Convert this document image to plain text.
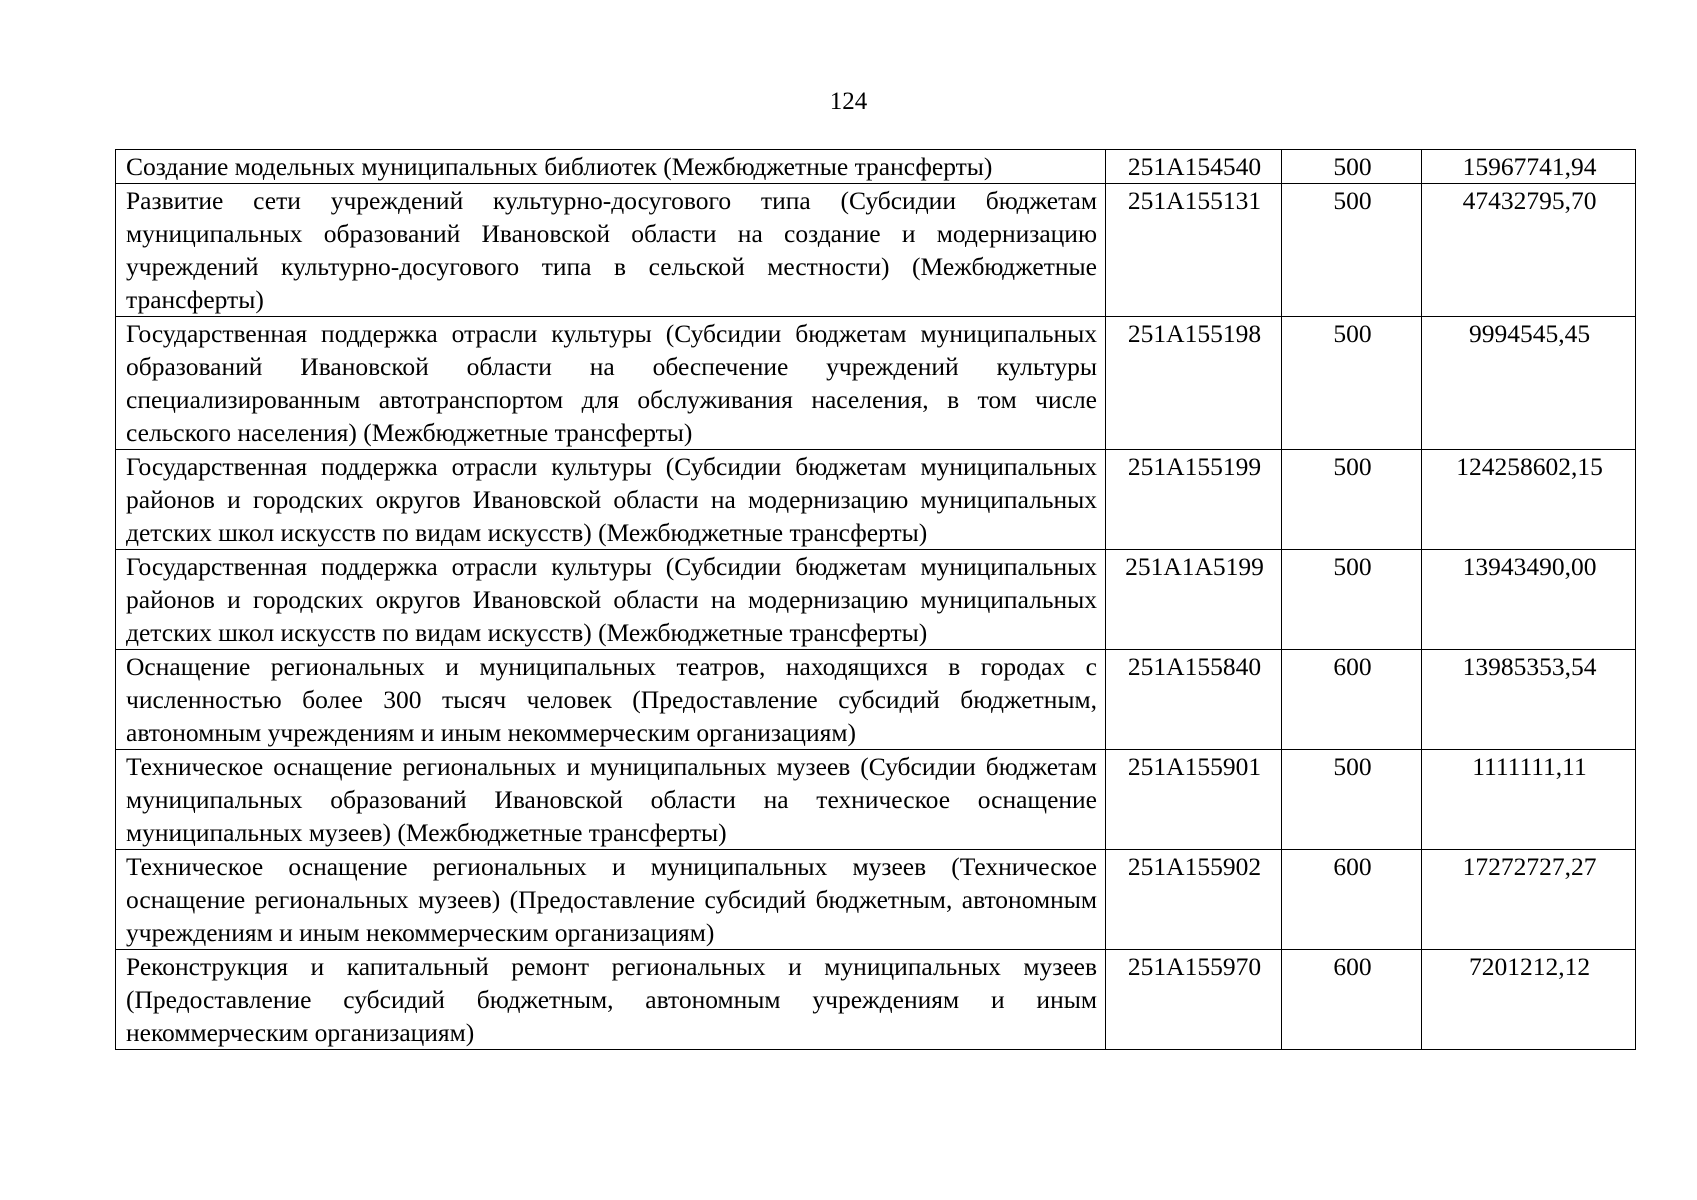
124
Создание модельных муниципальных библиотек (Межбюджетные трансферты)	251А154540	500	15967741,94
Развитие сети учреждений культурно-досугового типа (Субсидии бюджетам муниципальных образований Ивановской области на создание и модернизацию учреждений культурно-досугового типа в сельской местности) (Межбюджетные трансферты)	251А155131	500	47432795,70
Государственная поддержка отрасли культуры (Субсидии бюджетам муниципальных образований Ивановской области на обеспечение учреждений культуры специализированным автотранспортом для обслуживания населения, в том числе сельского населения) (Межбюджетные трансферты)	251А155198	500	9994545,45
Государственная поддержка отрасли культуры (Субсидии бюджетам муниципальных районов и городских округов Ивановской области на модернизацию муниципальных детских школ искусств по видам искусств) (Межбюджетные трансферты)	251А155199	500	124258602,15
Государственная поддержка отрасли культуры (Субсидии бюджетам муниципальных районов и городских округов Ивановской области на модернизацию муниципальных детских школ искусств по видам искусств) (Межбюджетные трансферты)	251А1А5199	500	13943490,00
Оснащение региональных и муниципальных театров, находящихся в городах с численностью более 300 тысяч человек (Предоставление субсидий бюджетным, автономным учреждениям и иным некоммерческим организациям)	251А155840	600	13985353,54
Техническое оснащение региональных и муниципальных музеев (Субсидии бюджетам муниципальных образований Ивановской области на техническое оснащение муниципальных музеев) (Межбюджетные трансферты)	251А155901	500	1111111,11
Техническое оснащение региональных и муниципальных музеев (Техническое оснащение региональных музеев) (Предоставление субсидий бюджетным, автономным учреждениям и иным некоммерческим организациям)	251А155902	600	17272727,27
Реконструкция и капитальный ремонт региональных и муниципальных музеев (Предоставление субсидий бюджетным, автономным учреждениям и иным некоммерческим организациям)	251А155970	600	7201212,12
